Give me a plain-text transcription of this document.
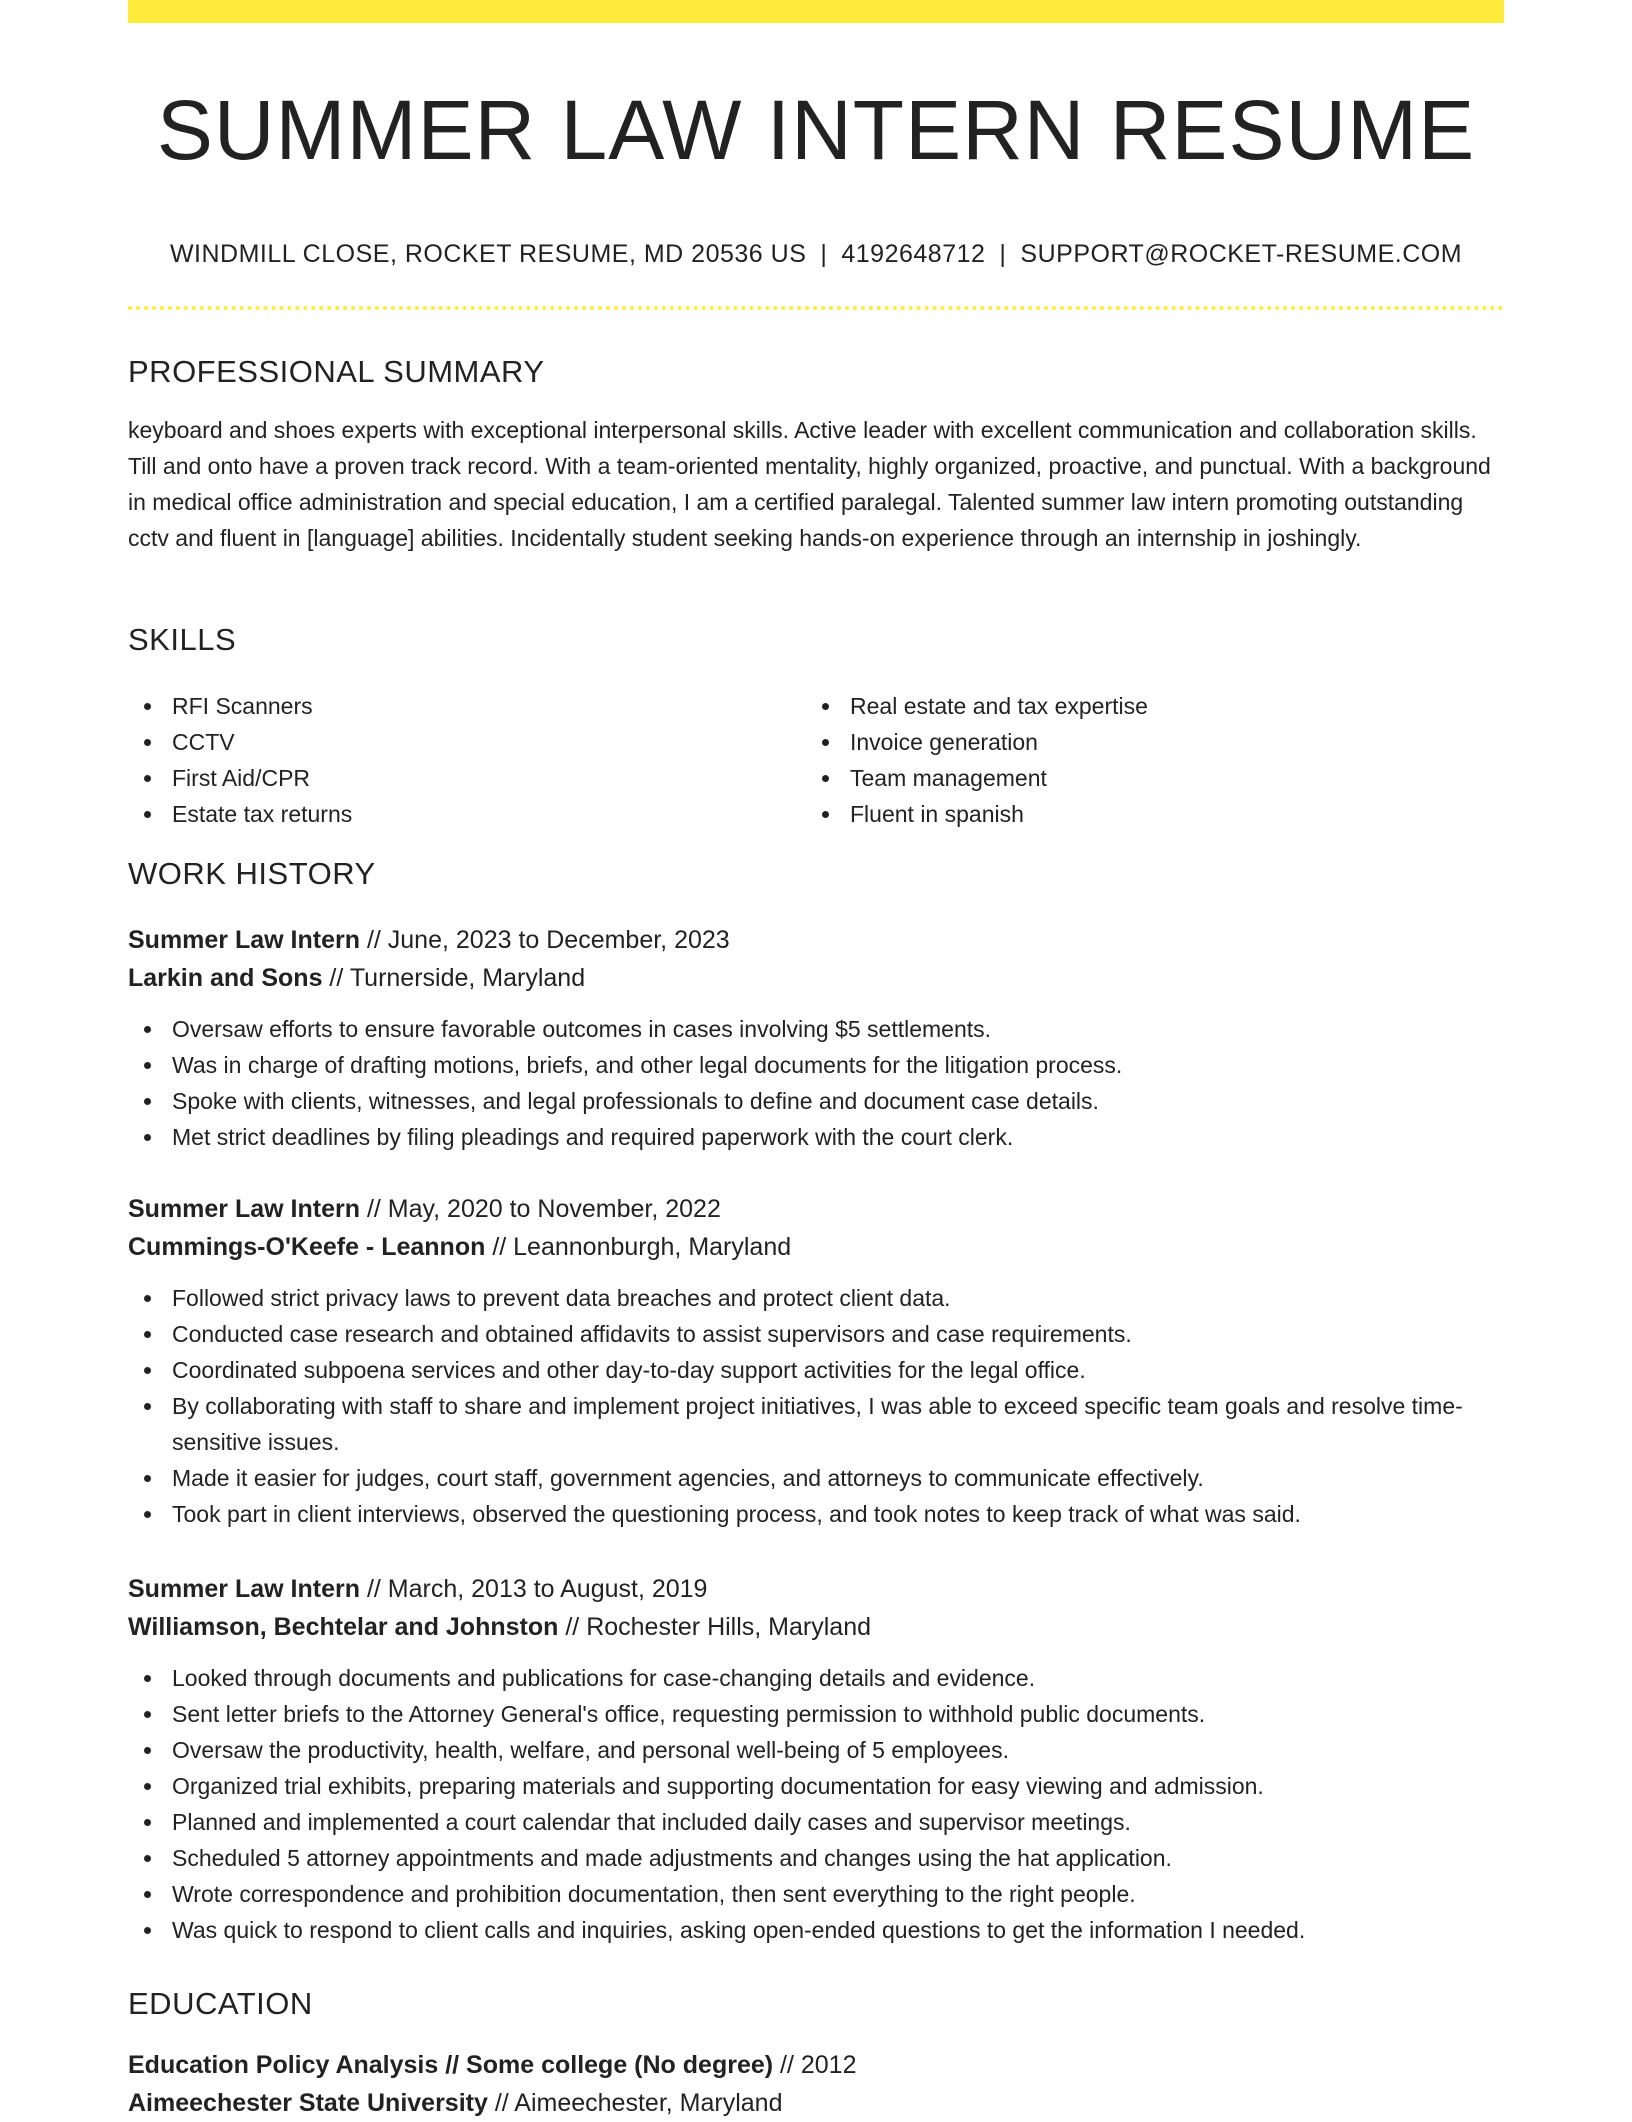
SUMMER LAW INTERN RESUME
WINDMILL CLOSE, ROCKET RESUME, MD 20536 US | 4192648712 | SUPPORT@ROCKET-RESUME.COM
PROFESSIONAL SUMMARY
keyboard and shoes experts with exceptional interpersonal skills. Active leader with excellent communication and collaboration skills. Till and onto have a proven track record. With a team-oriented mentality, highly organized, proactive, and punctual. With a background in medical office administration and special education, I am a certified paralegal. Talented summer law intern promoting outstanding cctv and fluent in [language] abilities. Incidentally student seeking hands-on experience through an internship in joshingly.
SKILLS
RFI Scanners
CCTV
First Aid/CPR
Estate tax returns
Real estate and tax expertise
Invoice generation
Team management
Fluent in spanish
WORK HISTORY
Summer Law Intern // June, 2023 to December, 2023
Larkin and Sons // Turnerside, Maryland
Oversaw efforts to ensure favorable outcomes in cases involving $5 settlements.
Was in charge of drafting motions, briefs, and other legal documents for the litigation process.
Spoke with clients, witnesses, and legal professionals to define and document case details.
Met strict deadlines by filing pleadings and required paperwork with the court clerk.
Summer Law Intern // May, 2020 to November, 2022
Cummings-O'Keefe - Leannon // Leannonburgh, Maryland
Followed strict privacy laws to prevent data breaches and protect client data.
Conducted case research and obtained affidavits to assist supervisors and case requirements.
Coordinated subpoena services and other day-to-day support activities for the legal office.
By collaborating with staff to share and implement project initiatives, I was able to exceed specific team goals and resolve time-sensitive issues.
Made it easier for judges, court staff, government agencies, and attorneys to communicate effectively.
Took part in client interviews, observed the questioning process, and took notes to keep track of what was said.
Summer Law Intern // March, 2013 to August, 2019
Williamson, Bechtelar and Johnston // Rochester Hills, Maryland
Looked through documents and publications for case-changing details and evidence.
Sent letter briefs to the Attorney General's office, requesting permission to withhold public documents.
Oversaw the productivity, health, welfare, and personal well-being of 5 employees.
Organized trial exhibits, preparing materials and supporting documentation for easy viewing and admission.
Planned and implemented a court calendar that included daily cases and supervisor meetings.
Scheduled 5 attorney appointments and made adjustments and changes using the hat application.
Wrote correspondence and prohibition documentation, then sent everything to the right people.
Was quick to respond to client calls and inquiries, asking open-ended questions to get the information I needed.
EDUCATION
Education Policy Analysis // Some college (No degree) // 2012
Aimeechester State University // Aimeechester, Maryland
